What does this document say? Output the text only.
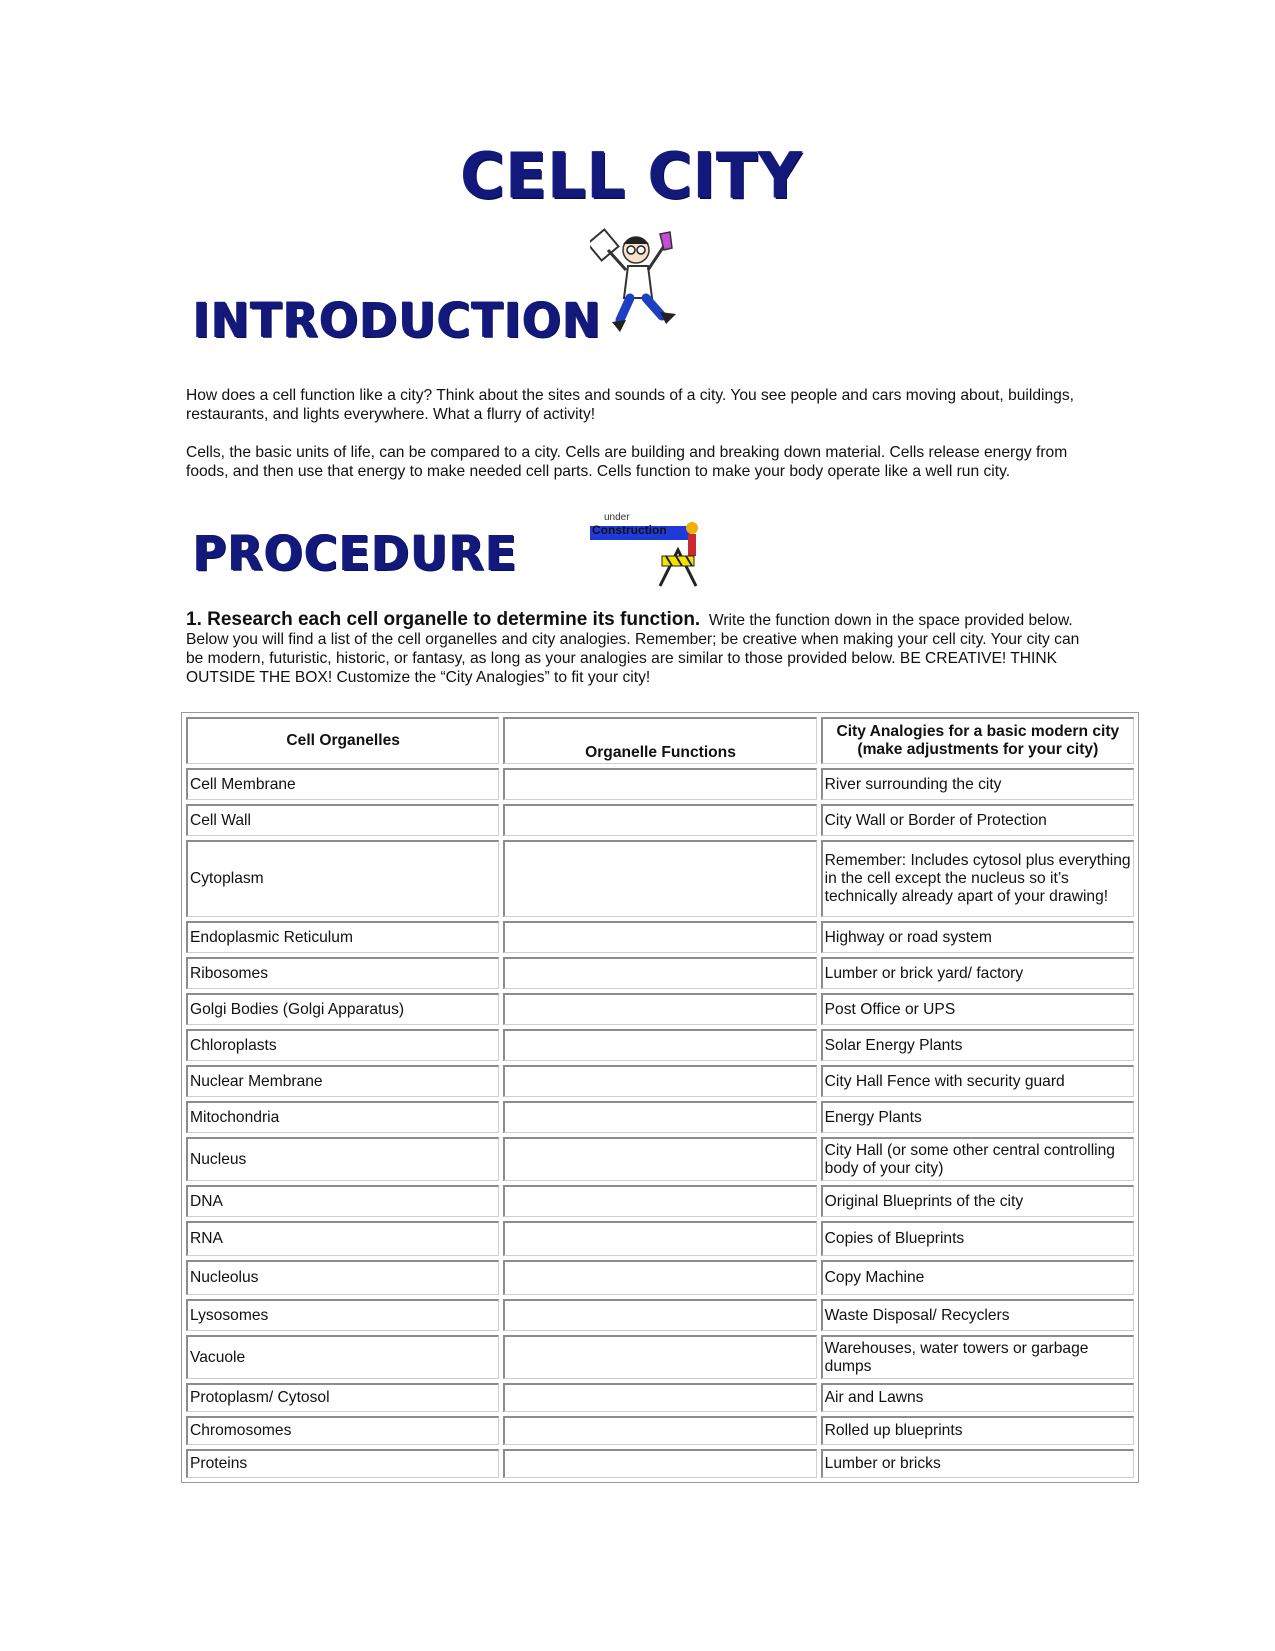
CELL CITY
INTRODUCTION

How does a cell function like a city? Think about the sites and sounds of a city. You see people and cars moving about, buildings, restaurants, and lights everywhere. What a flurry of activity!

Cells, the basic units of life, can be compared to a city. Cells are building and breaking down material. Cells release energy from foods, and then use that energy to make needed cell parts. Cells function to make your body operate like a well run city.

PROCEDURE
under
Construction

1. Research each cell organelle to determine its function. Write the function down in the space provided below. Below you will find a list of the cell organelles and city analogies. Remember; be creative when making your cell city. Your city can be modern, futuristic, historic, or fantasy, as long as your analogies are similar to those provided below. BE CREATIVE! THINK OUTSIDE THE BOX! Customize the “City Analogies” to fit your city!

Cell Organelles	Organelle Functions	City Analogies for a basic modern city (make adjustments for your city)
Cell Membrane		River surrounding the city
Cell Wall		City Wall or Border of Protection
Cytoplasm		Remember: Includes cytosol plus everything in the cell except the nucleus so it’s technically already apart of your drawing!
Endoplasmic Reticulum		Highway or road system
Ribosomes		Lumber or brick yard/ factory
Golgi Bodies (Golgi Apparatus)		Post Office or UPS
Chloroplasts		Solar Energy Plants
Nuclear Membrane		City Hall Fence with security guard
Mitochondria		Energy Plants
Nucleus		City Hall (or some other central controlling body of your city)
DNA		Original Blueprints of the city
RNA		Copies of Blueprints
Nucleolus		Copy Machine
Lysosomes		Waste Disposal/ Recyclers
Vacuole		Warehouses, water towers or garbage dumps
Protoplasm/ Cytosol		Air and Lawns
Chromosomes		Rolled up blueprints
Proteins		Lumber or bricks
